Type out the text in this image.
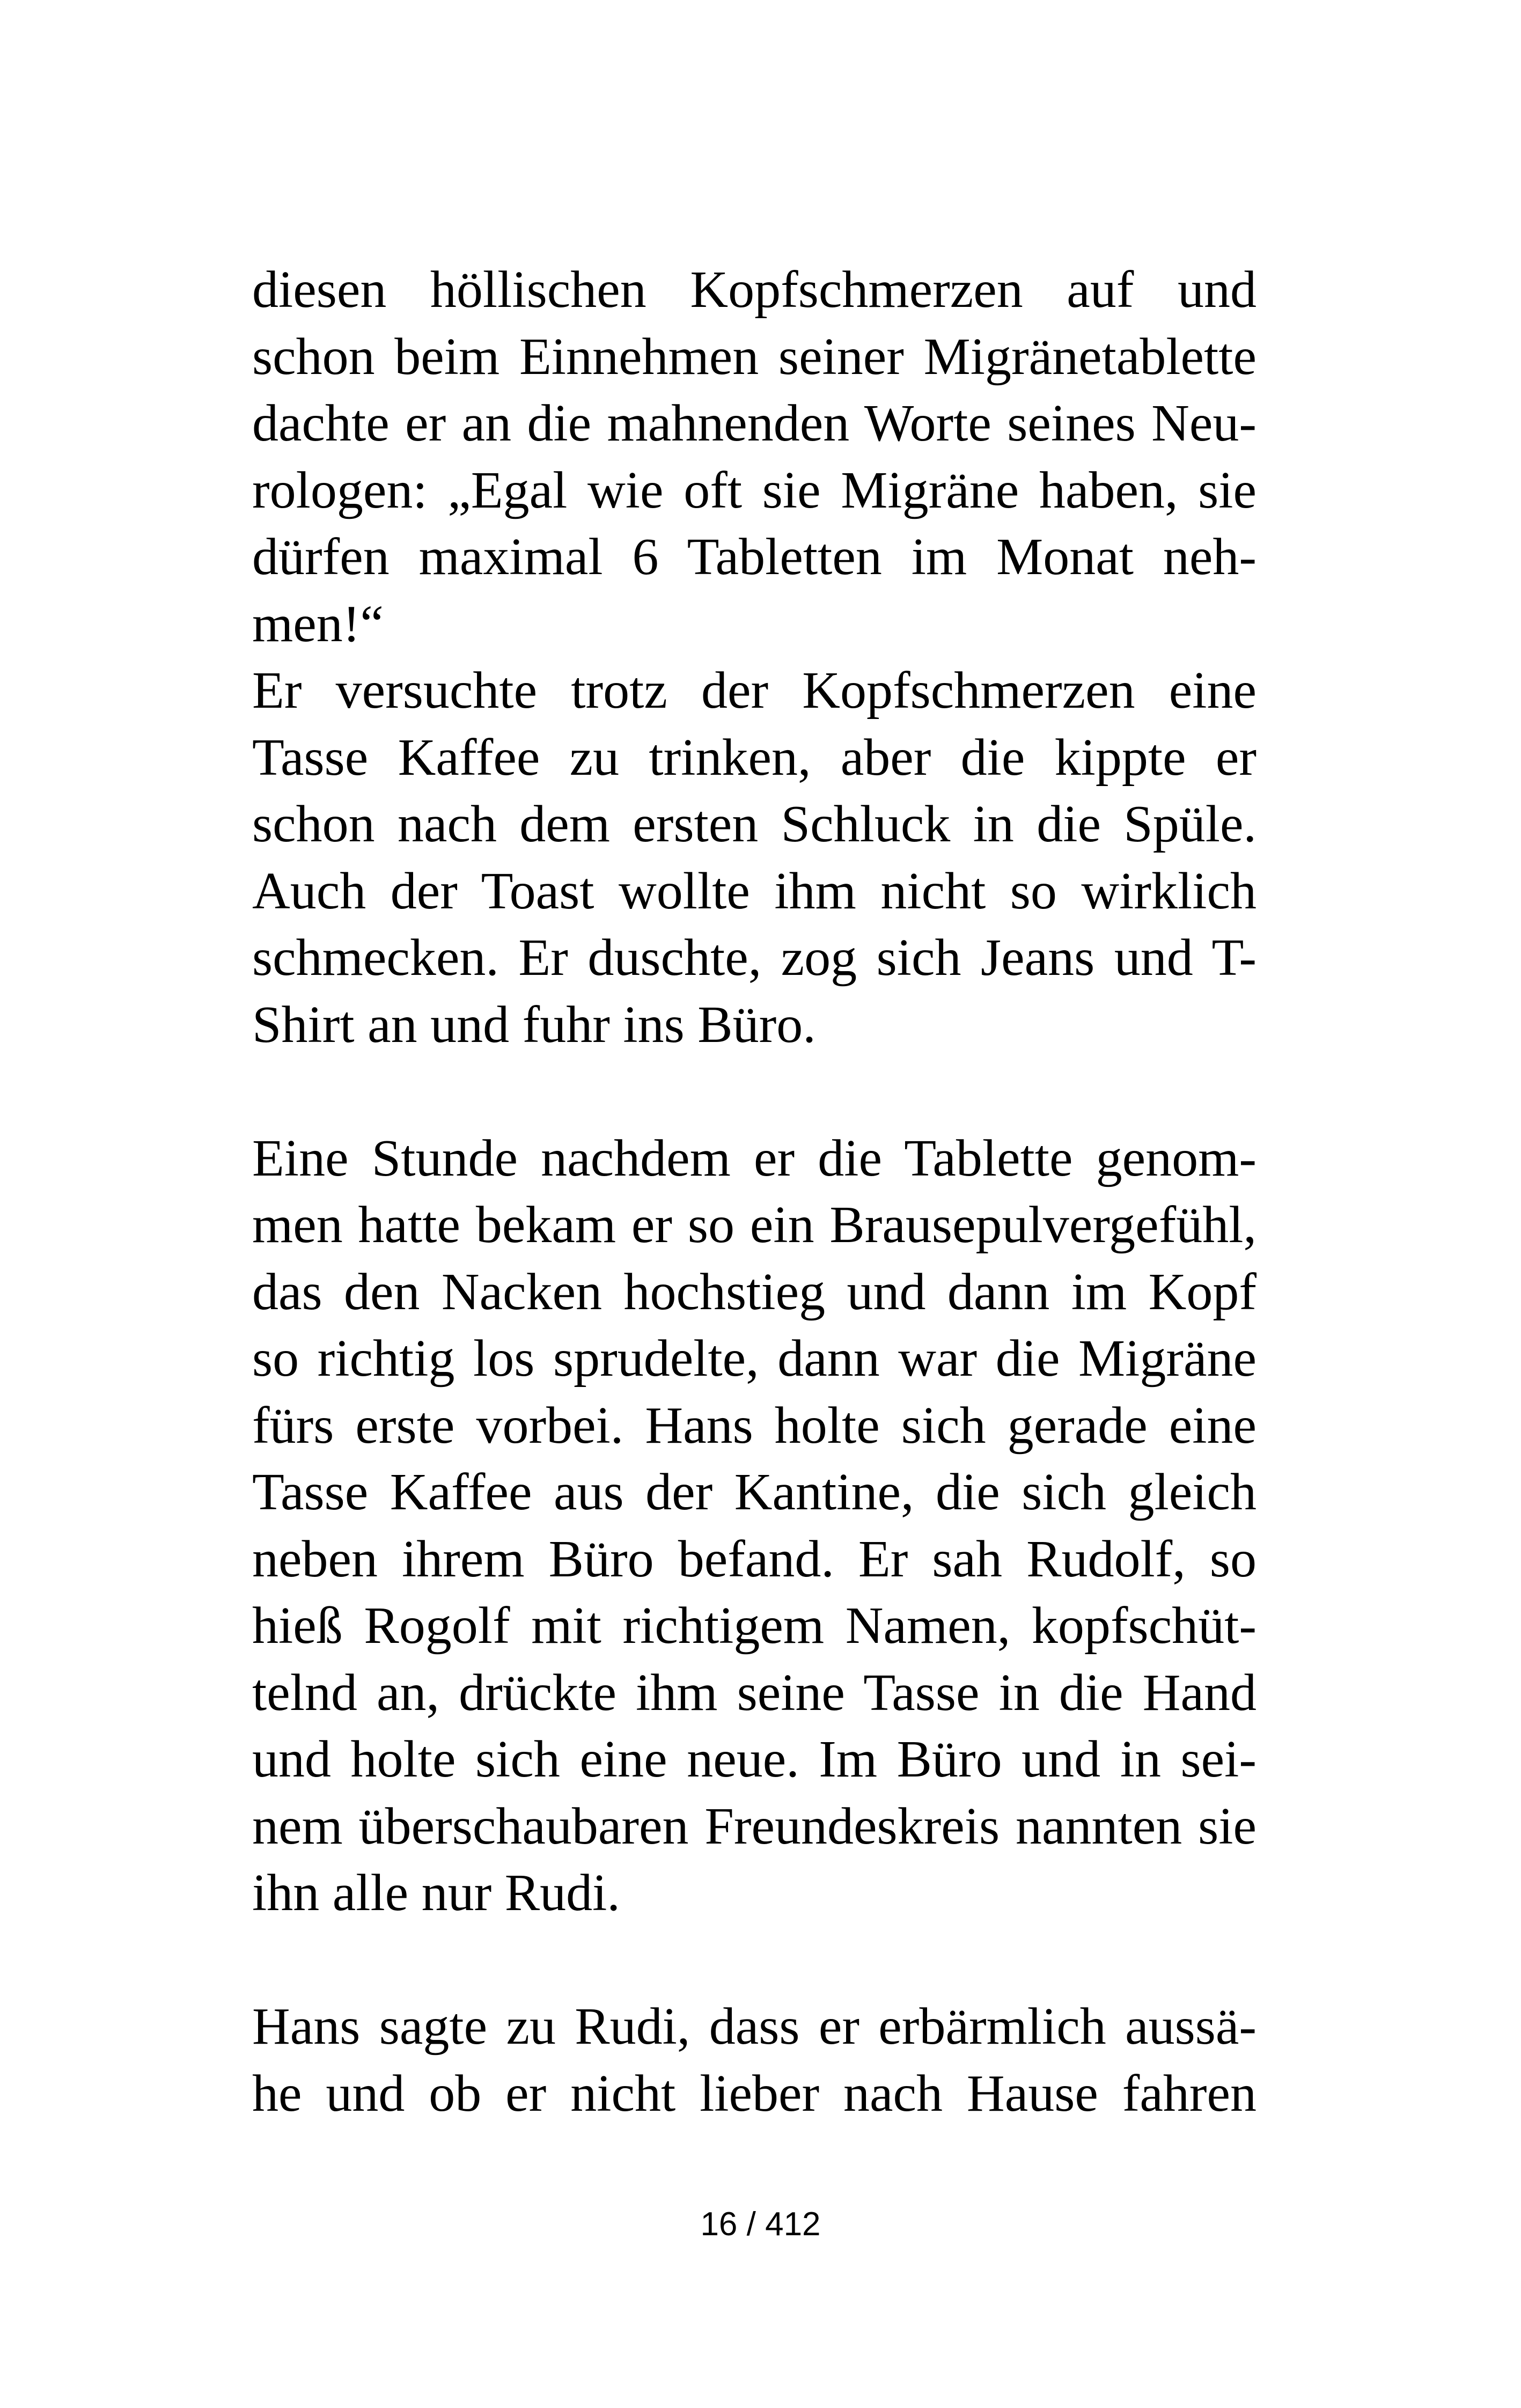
diesen höllischen Kopfschmerzen auf und
schon beim Einnehmen seiner Migränetablette
dachte er an die mahnenden Worte seines Neu-
rologen: „Egal wie oft sie Migräne haben, sie
dürfen maximal 6 Tabletten im Monat neh-
men!“
Er versuchte trotz der Kopfschmerzen eine
Tasse Kaffee zu trinken, aber die kippte er
schon nach dem ersten Schluck in die Spüle.
Auch der Toast wollte ihm nicht so wirklich
schmecken. Er duschte, zog sich Jeans und T-
Shirt an und fuhr ins Büro.
Eine Stunde nachdem er die Tablette genom-
men hatte bekam er so ein Brausepulvergefühl,
das den Nacken hochstieg und dann im Kopf
so richtig los sprudelte, dann war die Migräne
fürs erste vorbei. Hans holte sich gerade eine
Tasse Kaffee aus der Kantine, die sich gleich
neben ihrem Büro befand. Er sah Rudolf, so
hieß Rogolf mit richtigem Namen, kopfschüt-
telnd an, drückte ihm seine Tasse in die Hand
und holte sich eine neue. Im Büro und in sei-
nem überschaubaren Freundeskreis nannten sie
ihn alle nur Rudi.
Hans sagte zu Rudi, dass er erbärmlich aussä-
he und ob er nicht lieber nach Hause fahren
16 / 412
